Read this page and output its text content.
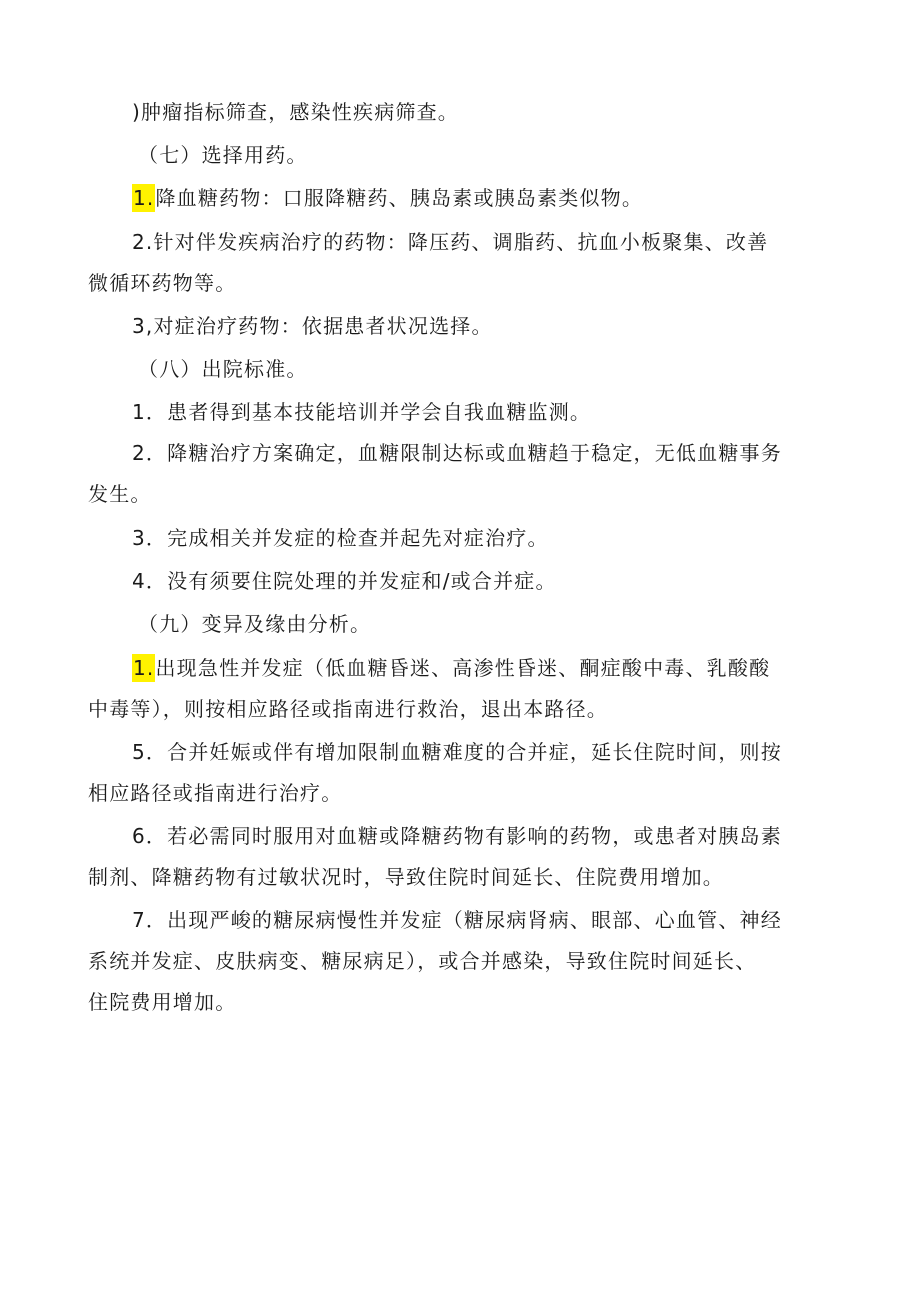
)肿瘤指标筛查，感染性疾病筛查。
（七）选择用药。
1.降血糖药物：口服降糖药、胰岛素或胰岛素类似物。
2.针对伴发疾病治疗的药物：降压药、调脂药、抗血小板聚集、改善
微循环药物等。
3,对症治疗药物：依据患者状况选择。
（八）出院标准。
1．患者得到基本技能培训并学会自我血糖监测。
2．降糖治疗方案确定，血糖限制达标或血糖趋于稳定，无低血糖事务
发生。
3．完成相关并发症的检查并起先对症治疗。
4．没有须要住院处理的并发症和/或合并症。
（九）变异及缘由分析。
1.出现急性并发症（低血糖昏迷、高渗性昏迷、酮症酸中毒、乳酸酸
中毒等），则按相应路径或指南进行救治，退出本路径。
5．合并妊娠或伴有增加限制血糖难度的合并症，延长住院时间，则按
相应路径或指南进行治疗。
6．若必需同时服用对血糖或降糖药物有影响的药物，或患者对胰岛素
制剂、降糖药物有过敏状况时，导致住院时间延长、住院费用增加。
7．出现严峻的糖尿病慢性并发症（糖尿病肾病、眼部、心血管、神经
系统并发症、皮肤病变、糖尿病足），或合并感染，导致住院时间延长、
住院费用增加。
